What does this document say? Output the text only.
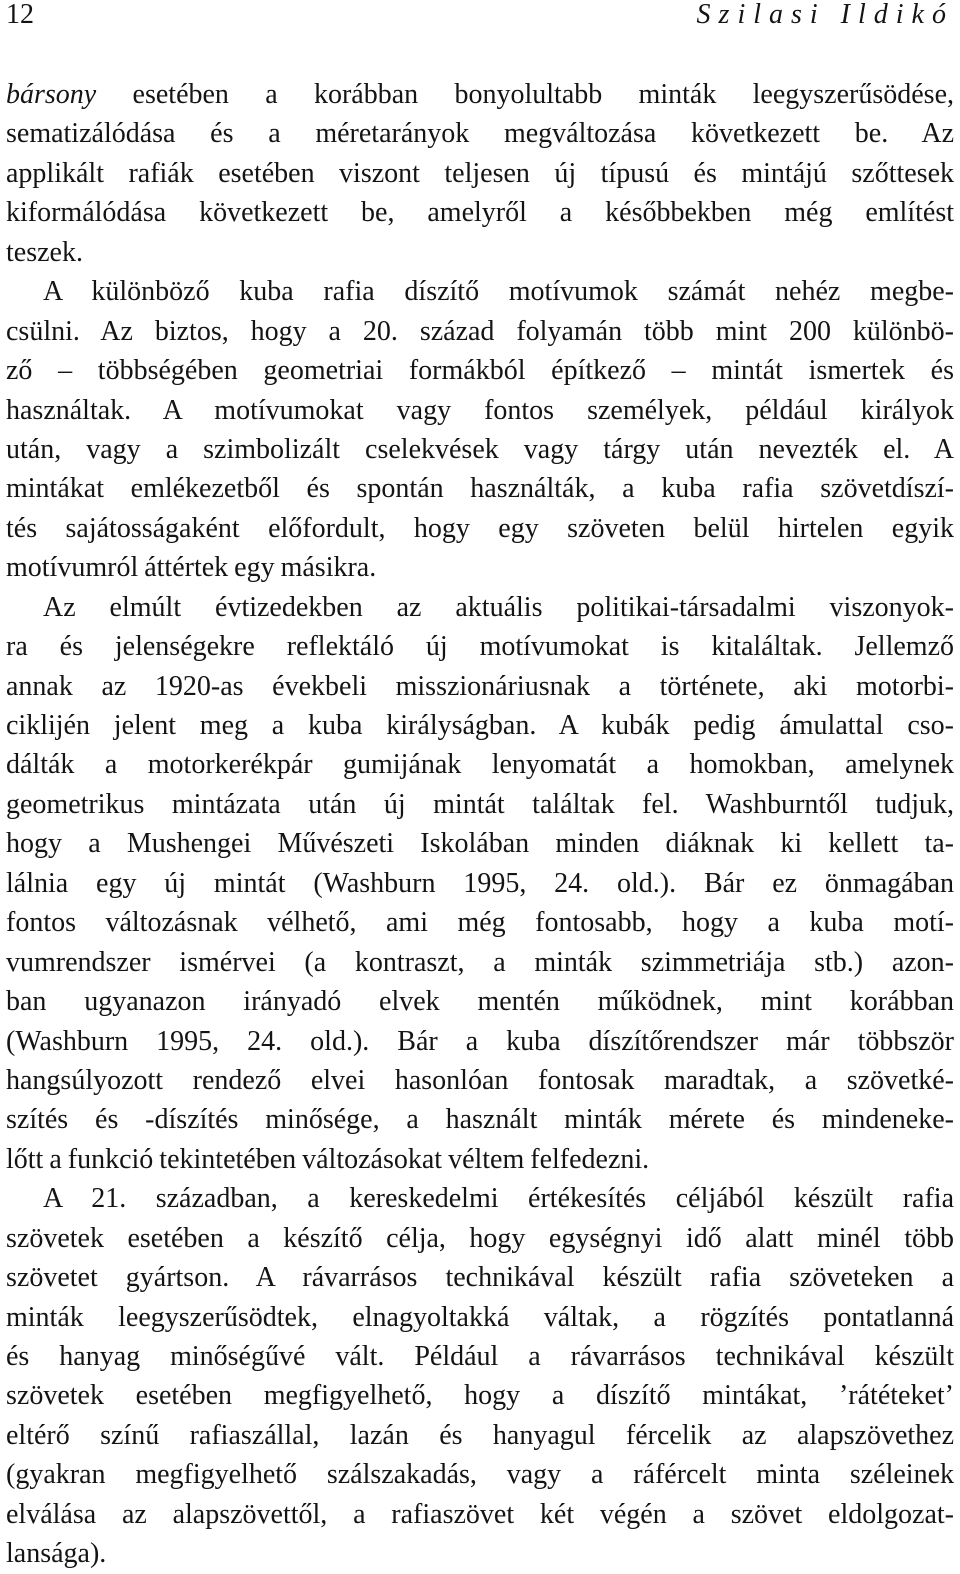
12	Szilasi Ildikó
bársony esetében a korábban bonyolultabb minták leegyszerűsödése,
sematizálódása és a méretarányok megváltozása következett be. Az
applikált rafiák esetében viszont teljesen új típusú és mintájú szőttesek
kiformálódása következett be, amelyről a későbbekben még említést
teszek.
A különböző kuba rafia díszítő motívumok számát nehéz megbe-
csülni. Az biztos, hogy a 20. század folyamán több mint 200 különbö-
ző – többségében geometriai formákból építkező – mintát ismertek és
használtak. A motívumokat vagy fontos személyek, például királyok
után, vagy a szimbolizált cselekvések vagy tárgy után nevezték el. A
mintákat emlékezetből és spontán használták, a kuba rafia szövetdíszí-
tés sajátosságaként előfordult, hogy egy szöveten belül hirtelen egyik
motívumról áttértek egy másikra.
Az elmúlt évtizedekben az aktuális politikai-társadalmi viszonyok-
ra és jelenségekre reflektáló új motívumokat is kitaláltak. Jellemző
annak az 1920-as évekbeli misszionáriusnak a története, aki motorbi-
ciklijén jelent meg a kuba királyságban. A kubák pedig ámulattal cso-
dálták a motorkerékpár gumijának lenyomatát a homokban, amelynek
geometrikus mintázata után új mintát találtak fel. Washburntől tudjuk,
hogy a Mushengei Művészeti Iskolában minden diáknak ki kellett ta-
lálnia egy új mintát (Washburn 1995, 24. old.). Bár ez önmagában
fontos változásnak vélhető, ami még fontosabb, hogy a kuba motí-
vumrendszer ismérvei (a kontraszt, a minták szimmetriája stb.) azon-
ban ugyanazon irányadó elvek mentén működnek, mint korábban
(Washburn 1995, 24. old.). Bár a kuba díszítőrendszer már többször
hangsúlyozott rendező elvei hasonlóan fontosak maradtak, a szövetké-
szítés és -díszítés minősége, a használt minták mérete és mindeneke-
lőtt a funkció tekintetében változásokat véltem felfedezni.
A 21. században, a kereskedelmi értékesítés céljából készült rafia
szövetek esetében a készítő célja, hogy egységnyi idő alatt minél több
szövetet gyártson. A rávarrásos technikával készült rafia szöveteken a
minták leegyszerűsödtek, elnagyoltakká váltak, a rögzítés pontatlanná
és hanyag minőségűvé vált. Például a rávarrásos technikával készült
szövetek esetében megfigyelhető, hogy a díszítő mintákat, ’rátéteket’
eltérő színű rafiaszállal, lazán és hanyagul fércelik az alapszövethez
(gyakran megfigyelhető szálszakadás, vagy a ráfércelt minta széleinek
elválása az alapszövettől, a rafiaszövet két végén a szövet eldolgozat-
lansága).
